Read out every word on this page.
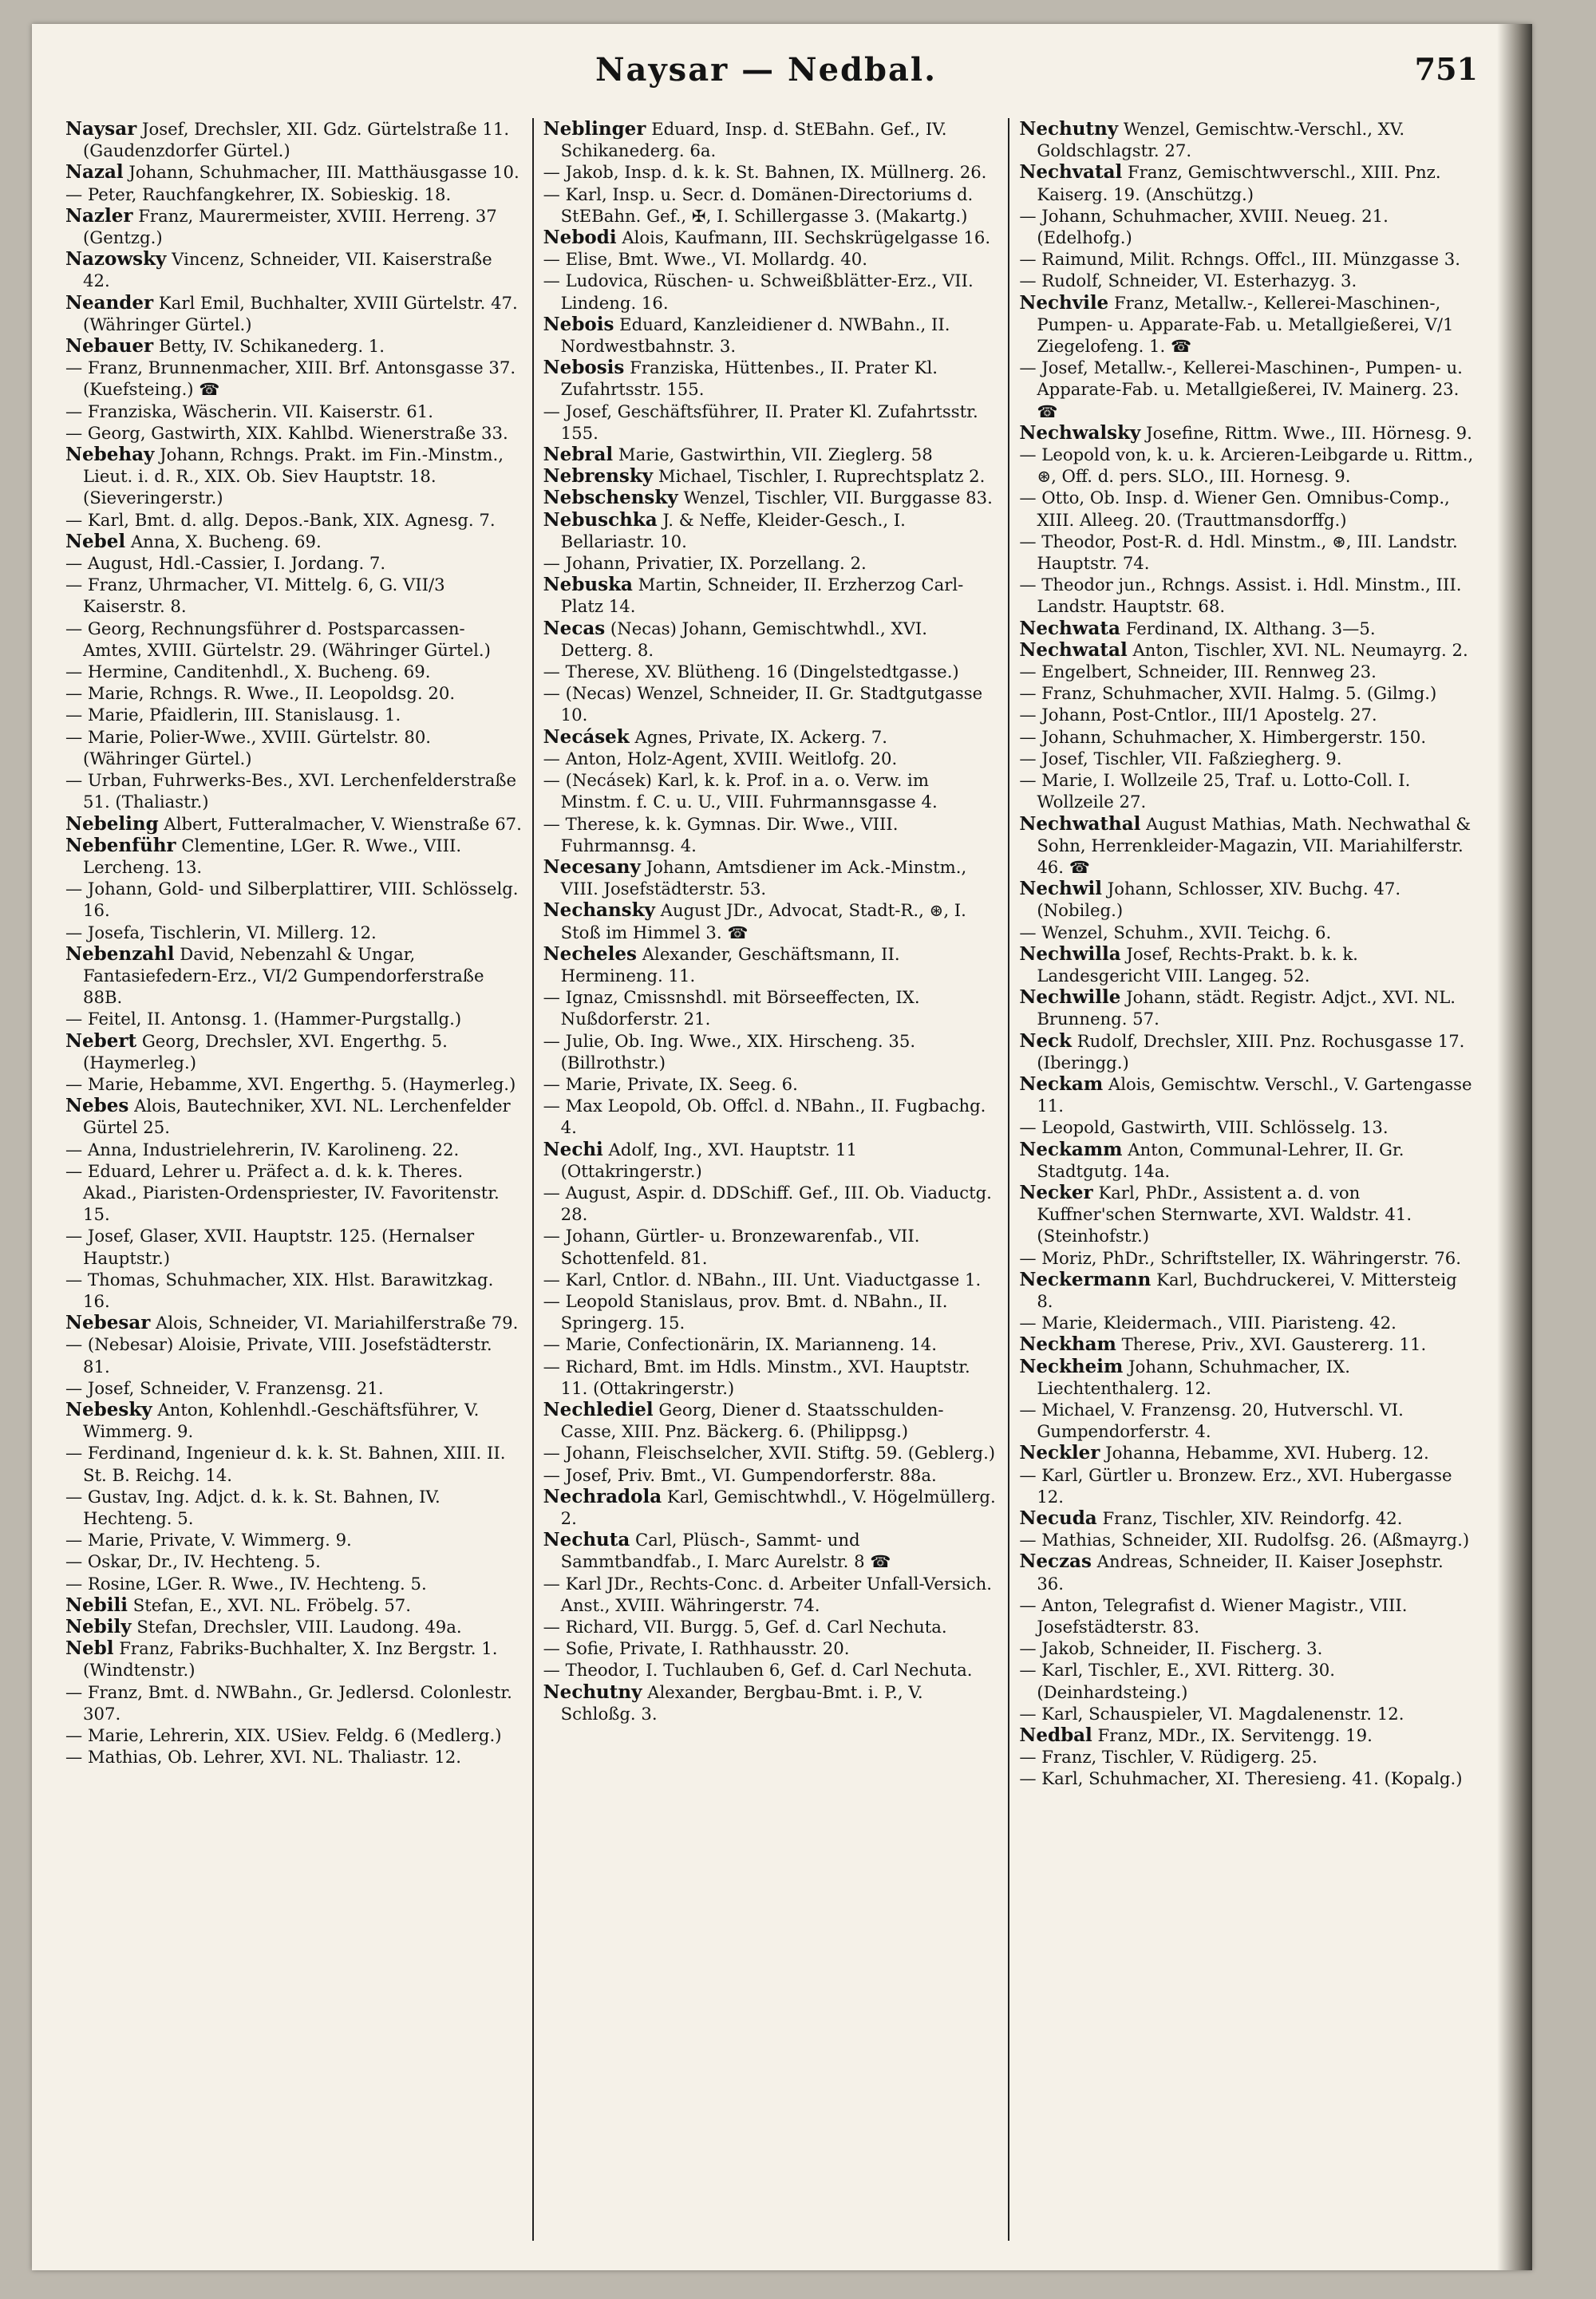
Naysar — Nedbal.	751
Naysar Josef, Drechsler, XII. Gdz. Gürtelstraße 11. (Gaudenzdorfer Gürtel.)
Nazal Johann, Schuhmacher, III. Matthäusgasse 10.
— Peter, Rauchfangkehrer, IX. Sobieskig. 18.
Nazler Franz, Maurermeister, XVIII. Herreng. 37 (Gentzg.)
Nazowsky Vincenz, Schneider, VII. Kaiserstraße 42.
Neander Karl Emil, Buchhalter, XVIII Gürtelstr. 47. (Währinger Gürtel.)
Nebauer Betty, IV. Schikanederg. 1.
— Franz, Brunnenmacher, XIII. Brf. Antonsgasse 37. (Kuefsteing.) ☎
— Franziska, Wäscherin. VII. Kaiserstr. 61.
— Georg, Gastwirth, XIX. Kahlbd. Wienerstraße 33.
Nebehay Johann, Rchngs. Prakt. im Fin.-Minstm., Lieut. i. d. R., XIX. Ob. Siev Hauptstr. 18. (Sieveringerstr.)
— Karl, Bmt. d. allg. Depos.-Bank, XIX. Agnesg. 7.
Nebel Anna, X. Bucheng. 69.
— August, Hdl.-Cassier, I. Jordang. 7.
— Franz, Uhrmacher, VI. Mittelg. 6, G. VII/3 Kaiserstr. 8.
— Georg, Rechnungsführer d. Postsparcassen-Amtes, XVIII. Gürtelstr. 29. (Währinger Gürtel.)
— Hermine, Canditenhdl., X. Bucheng. 69.
— Marie, Rchngs. R. Wwe., II. Leopoldsg. 20.
— Marie, Pfaidlerin, III. Stanislausg. 1.
— Marie, Polier-Wwe., XVIII. Gürtelstr. 80. (Währinger Gürtel.)
— Urban, Fuhrwerks-Bes., XVI. Lerchenfelderstraße 51. (Thaliastr.)
Nebeling Albert, Futteralmacher, V. Wienstraße 67.
Nebenführ Clementine, LGer. R. Wwe., VIII. Lercheng. 13.
— Johann, Gold- und Silberplattirer, VIII. Schlösselg. 16.
— Josefa, Tischlerin, VI. Millerg. 12.
Nebenzahl David, Nebenzahl & Ungar, Fantasiefedern-Erz., VI/2 Gumpendorferstraße 88B.
— Feitel, II. Antonsg. 1. (Hammer-Purgstallg.)
Nebert Georg, Drechsler, XVI. Engerthg. 5. (Haymerleg.)
— Marie, Hebamme, XVI. Engerthg. 5. (Haymerleg.)
Nebes Alois, Bautechniker, XVI. NL. Lerchenfelder Gürtel 25.
— Anna, Industrielehrerin, IV. Karolineng. 22.
— Eduard, Lehrer u. Präfect a. d. k. k. Theres. Akad., Piaristen-Ordenspriester, IV. Favoritenstr. 15.
— Josef, Glaser, XVII. Hauptstr. 125. (Hernalser Hauptstr.)
— Thomas, Schuhmacher, XIX. Hlst. Barawitzkag. 16.
Nebesar Alois, Schneider, VI. Mariahilferstraße 79.
— (Nebesar) Aloisie, Private, VIII. Josefstädterstr. 81.
— Josef, Schneider, V. Franzensg. 21.
Nebesky Anton, Kohlenhdl.-Geschäftsführer, V. Wimmerg. 9.
— Ferdinand, Ingenieur d. k. k. St. Bahnen, XIII. II. St. B. Reichg. 14.
— Gustav, Ing. Adjct. d. k. k. St. Bahnen, IV. Hechteng. 5.
— Marie, Private, V. Wimmerg. 9.
— Oskar, Dr., IV. Hechteng. 5.
— Rosine, LGer. R. Wwe., IV. Hechteng. 5.
Nebili Stefan, E., XVI. NL. Fröbelg. 57.
Nebily Stefan, Drechsler, VIII. Laudong. 49a.
Nebl Franz, Fabriks-Buchhalter, X. Inz Bergstr. 1. (Windtenstr.)
— Franz, Bmt. d. NWBahn., Gr. Jedlersd. Colonlestr. 307.
— Marie, Lehrerin, XIX. USiev. Feldg. 6 (Medlerg.)
— Mathias, Ob. Lehrer, XVI. NL. Thaliastr. 12.
Neblinger Eduard, Insp. d. StEBahn. Gef., IV. Schikanederg. 6a.
— Jakob, Insp. d. k. k. St. Bahnen, IX. Müllnerg. 26.
— Karl, Insp. u. Secr. d. Domänen-Directoriums d. StEBahn. Gef., ✠, I. Schillergasse 3. (Makartg.)
Nebodi Alois, Kaufmann, III. Sechskrügelgasse 16.
— Elise, Bmt. Wwe., VI. Mollardg. 40.
— Ludovica, Rüschen- u. Schweißblätter-Erz., VII. Lindeng. 16.
Nebois Eduard, Kanzleidiener d. NWBahn., II. Nordwestbahnstr. 3.
Nebosis Franziska, Hüttenbes., II. Prater Kl. Zufahrtsstr. 155.
— Josef, Geschäftsführer, II. Prater Kl. Zufahrtsstr. 155.
Nebral Marie, Gastwirthin, VII. Zieglerg. 58
Nebrensky Michael, Tischler, I. Ruprechtsplatz 2.
Nebschensky Wenzel, Tischler, VII. Burggasse 83.
Nebuschka J. & Neffe, Kleider-Gesch., I. Bellariastr. 10.
— Johann, Privatier, IX. Porzellang. 2.
Nebuska Martin, Schneider, II. Erzherzog Carl-Platz 14.
Necas (Necas) Johann, Gemischtwhdl., XVI. Detterg. 8.
— Therese, XV. Blütheng. 16 (Dingelstedtgasse.)
— (Necas) Wenzel, Schneider, II. Gr. Stadtgutgasse 10.
Necásek Agnes, Private, IX. Ackerg. 7.
— Anton, Holz-Agent, XVIII. Weitlofg. 20.
— (Necásek) Karl, k. k. Prof. in a. o. Verw. im Minstm. f. C. u. U., VIII. Fuhrmannsgasse 4.
— Therese, k. k. Gymnas. Dir. Wwe., VIII. Fuhrmannsg. 4.
Necesany Johann, Amtsdiener im Ack.-Minstm., VIII. Josefstädterstr. 53.
Nechansky August JDr., Advocat, Stadt-R., ⊛, I. Stoß im Himmel 3. ☎
Necheles Alexander, Geschäftsmann, II. Hermineng. 11.
— Ignaz, Cmissnshdl. mit Börseeffecten, IX. Nußdorferstr. 21.
— Julie, Ob. Ing. Wwe., XIX. Hirscheng. 35. (Billrothstr.)
— Marie, Private, IX. Seeg. 6.
— Max Leopold, Ob. Offcl. d. NBahn., II. Fugbachg. 4.
Nechi Adolf, Ing., XVI. Hauptstr. 11 (Ottakringerstr.)
— August, Aspir. d. DDSchiff. Gef., III. Ob. Viaductg. 28.
— Johann, Gürtler- u. Bronzewarenfab., VII. Schottenfeld. 81.
— Karl, Cntlor. d. NBahn., III. Unt. Viaductgasse 1.
— Leopold Stanislaus, prov. Bmt. d. NBahn., II. Springerg. 15.
— Marie, Confectionärin, IX. Marianneng. 14.
— Richard, Bmt. im Hdls. Minstm., XVI. Hauptstr. 11. (Ottakringerstr.)
Nechlediel Georg, Diener d. Staatsschulden-Casse, XIII. Pnz. Bäckerg. 6. (Philippsg.)
— Johann, Fleischselcher, XVII. Stiftg. 59. (Geblerg.)
— Josef, Priv. Bmt., VI. Gumpendorferstr. 88a.
Nechradola Karl, Gemischtwhdl., V. Högelmüllerg. 2.
Nechuta Carl, Plüsch-, Sammt- und Sammtbandfab., I. Marc Aurelstr. 8 ☎
— Karl JDr., Rechts-Conc. d. Arbeiter Unfall-Versich. Anst., XVIII. Währingerstr. 74.
— Richard, VII. Burgg. 5, Gef. d. Carl Nechuta.
— Sofie, Private, I. Rathhausstr. 20.
— Theodor, I. Tuchlauben 6, Gef. d. Carl Nechuta.
Nechutny Alexander, Bergbau-Bmt. i. P., V. Schloßg. 3.
Nechutny Wenzel, Gemischtw.-Verschl., XV. Goldschlagstr. 27.
Nechvatal Franz, Gemischtwverschl., XIII. Pnz. Kaiserg. 19. (Anschützg.)
— Johann, Schuhmacher, XVIII. Neueg. 21. (Edelhofg.)
— Raimund, Milit. Rchngs. Offcl., III. Münzgasse 3.
— Rudolf, Schneider, VI. Esterhazyg. 3.
Nechvile Franz, Metallw.-, Kellerei-Maschinen-, Pumpen- u. Apparate-Fab. u. Metallgießerei, V/1 Ziegelofeng. 1. ☎
— Josef, Metallw.-, Kellerei-Maschinen-, Pumpen- u. Apparate-Fab. u. Metallgießerei, IV. Mainerg. 23. ☎
Nechwalsky Josefine, Rittm. Wwe., III. Hörnesg. 9.
— Leopold von, k. u. k. Arcieren-Leibgarde u. Rittm., ⊛, Off. d. pers. SLO., III. Hornesg. 9.
— Otto, Ob. Insp. d. Wiener Gen. Omnibus-Comp., XIII. Alleeg. 20. (Trauttmansdorffg.)
— Theodor, Post-R. d. Hdl. Minstm., ⊛, III. Landstr. Hauptstr. 74.
— Theodor jun., Rchngs. Assist. i. Hdl. Minstm., III. Landstr. Hauptstr. 68.
Nechwata Ferdinand, IX. Althang. 3—5.
Nechwatal Anton, Tischler, XVI. NL. Neumayrg. 2.
— Engelbert, Schneider, III. Rennweg 23.
— Franz, Schuhmacher, XVII. Halmg. 5. (Gilmg.)
— Johann, Post-Cntlor., III/1 Apostelg. 27.
— Johann, Schuhmacher, X. Himbergerstr. 150.
— Josef, Tischler, VII. Faßziegherg. 9.
— Marie, I. Wollzeile 25, Traf. u. Lotto-Coll. I. Wollzeile 27.
Nechwathal August Mathias, Math. Nechwathal & Sohn, Herrenkleider-Magazin, VII. Mariahilferstr. 46. ☎
Nechwil Johann, Schlosser, XIV. Buchg. 47. (Nobileg.)
— Wenzel, Schuhm., XVII. Teichg. 6.
Nechwilla Josef, Rechts-Prakt. b. k. k. Landesgericht VIII. Langeg. 52.
Nechwille Johann, städt. Registr. Adjct., XVI. NL. Brunneng. 57.
Neck Rudolf, Drechsler, XIII. Pnz. Rochusgasse 17. (Iberingg.)
Neckam Alois, Gemischtw. Verschl., V. Gartengasse 11.
— Leopold, Gastwirth, VIII. Schlösselg. 13.
Neckamm Anton, Communal-Lehrer, II. Gr. Stadtgutg. 14a.
Necker Karl, PhDr., Assistent a. d. von Kuffner'schen Sternwarte, XVI. Waldstr. 41. (Steinhofstr.)
— Moriz, PhDr., Schriftsteller, IX. Währingerstr. 76.
Neckermann Karl, Buchdruckerei, V. Mittersteig 8.
— Marie, Kleidermach., VIII. Piaristeng. 42.
Neckham Therese, Priv., XVI. Gaustererg. 11.
Neckheim Johann, Schuhmacher, IX. Liechtenthalerg. 12.
— Michael, V. Franzensg. 20, Hutverschl. VI. Gumpendorferstr. 4.
Neckler Johanna, Hebamme, XVI. Huberg. 12.
— Karl, Gürtler u. Bronzew. Erz., XVI. Hubergasse 12.
Necuda Franz, Tischler, XIV. Reindorfg. 42.
— Mathias, Schneider, XII. Rudolfsg. 26. (Aßmayrg.)
Neczas Andreas, Schneider, II. Kaiser Josephstr. 36.
— Anton, Telegrafist d. Wiener Magistr., VIII. Josefstädterstr. 83.
— Jakob, Schneider, II. Fischerg. 3.
— Karl, Tischler, E., XVI. Ritterg. 30. (Deinhardsteing.)
— Karl, Schauspieler, VI. Magdalenenstr. 12.
Nedbal Franz, MDr., IX. Servitengg. 19.
— Franz, Tischler, V. Rüdigerg. 25.
— Karl, Schuhmacher, XI. Theresieng. 41. (Kopalg.)
